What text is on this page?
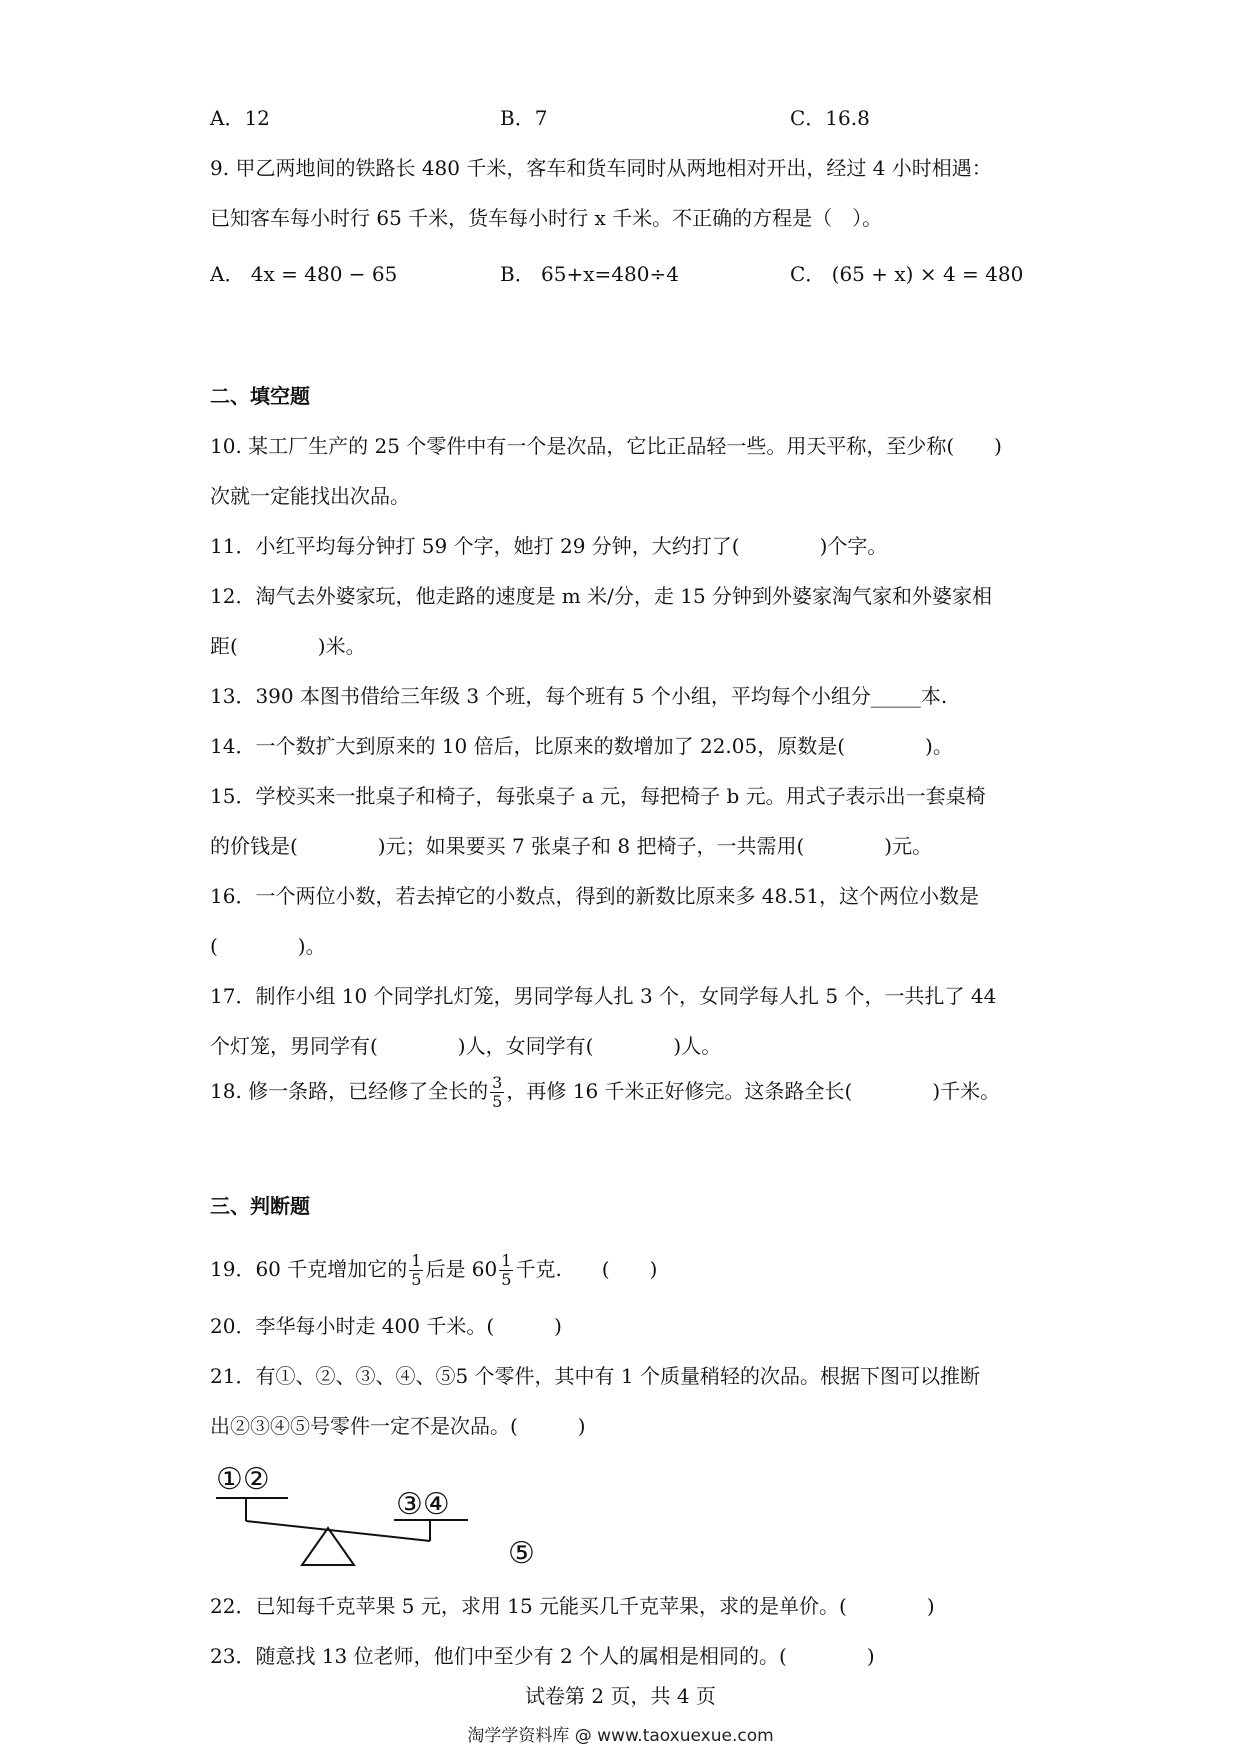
A．12	B．7	C．16.8
9. 甲乙两地间的铁路长 480 千米，客车和货车同时从两地相对开出，经过 4 小时相遇：
已知客车每小时行 65 千米，货车每小时行 x 千米。不正确的方程是（　）。
A． 4x = 480 − 65	B． 65+x=480÷4	C． (65 + x) × 4 = 480
二、填空题
10. 某工厂生产的 25 个零件中有一个是次品，它比正品轻一些。用天平称，至少称(　　)
次就一定能找出次品。
11．小红平均每分钟打 59 个字，她打 29 分钟，大约打了(　　　　)个字。
12．淘气去外婆家玩，他走路的速度是 m 米/分，走 15 分钟到外婆家淘气家和外婆家相
距(　　　　)米。
13．390 本图书借给三年级 3 个班，每个班有 5 个小组，平均每个小组分_____本.
14．一个数扩大到原来的 10 倍后，比原来的数增加了 22.05，原数是(　　　　)。
15．学校买来一批桌子和椅子，每张桌子 a 元，每把椅子 b 元。用式子表示出一套桌椅
的价钱是(　　　　)元；如果要买 7 张桌子和 8 把椅子，一共需用(　　　　)元。
16．一个两位小数，若去掉它的小数点，得到的新数比原来多 48.51，这个两位小数是
(　　　　)。
17．制作小组 10 个同学扎灯笼，男同学每人扎 3 个，女同学每人扎 5 个，一共扎了 44
个灯笼，男同学有(　　　　)人，女同学有(　　　　)人。
18. 修一条路，已经修了全长的 $\frac{3}{5}$ ，再修 16 千米正好修完。这条路全长(　　　　)千米。
三、判断题
19．60 千克增加它的 $\frac{1}{5}$ 后是 $60 \frac{1}{5}$ 千克.　　(　　)
20．李华每小时走 400 千米。(　　　)
21．有①、②、③、④、⑤5 个零件，其中有 1 个质量稍轻的次品。根据下图可以推断
出②③④⑤号零件一定不是次品。(　　　)
①②
③④
⑤
22．已知每千克苹果 5 元，求用 15 元能买几千克苹果，求的是单价。(　　　　)
23．随意找 13 位老师，他们中至少有 2 个人的属相是相同的。(　　　　)
试卷第 2 页，共 4 页
淘学学资料库 @ www.taoxuexue.com
